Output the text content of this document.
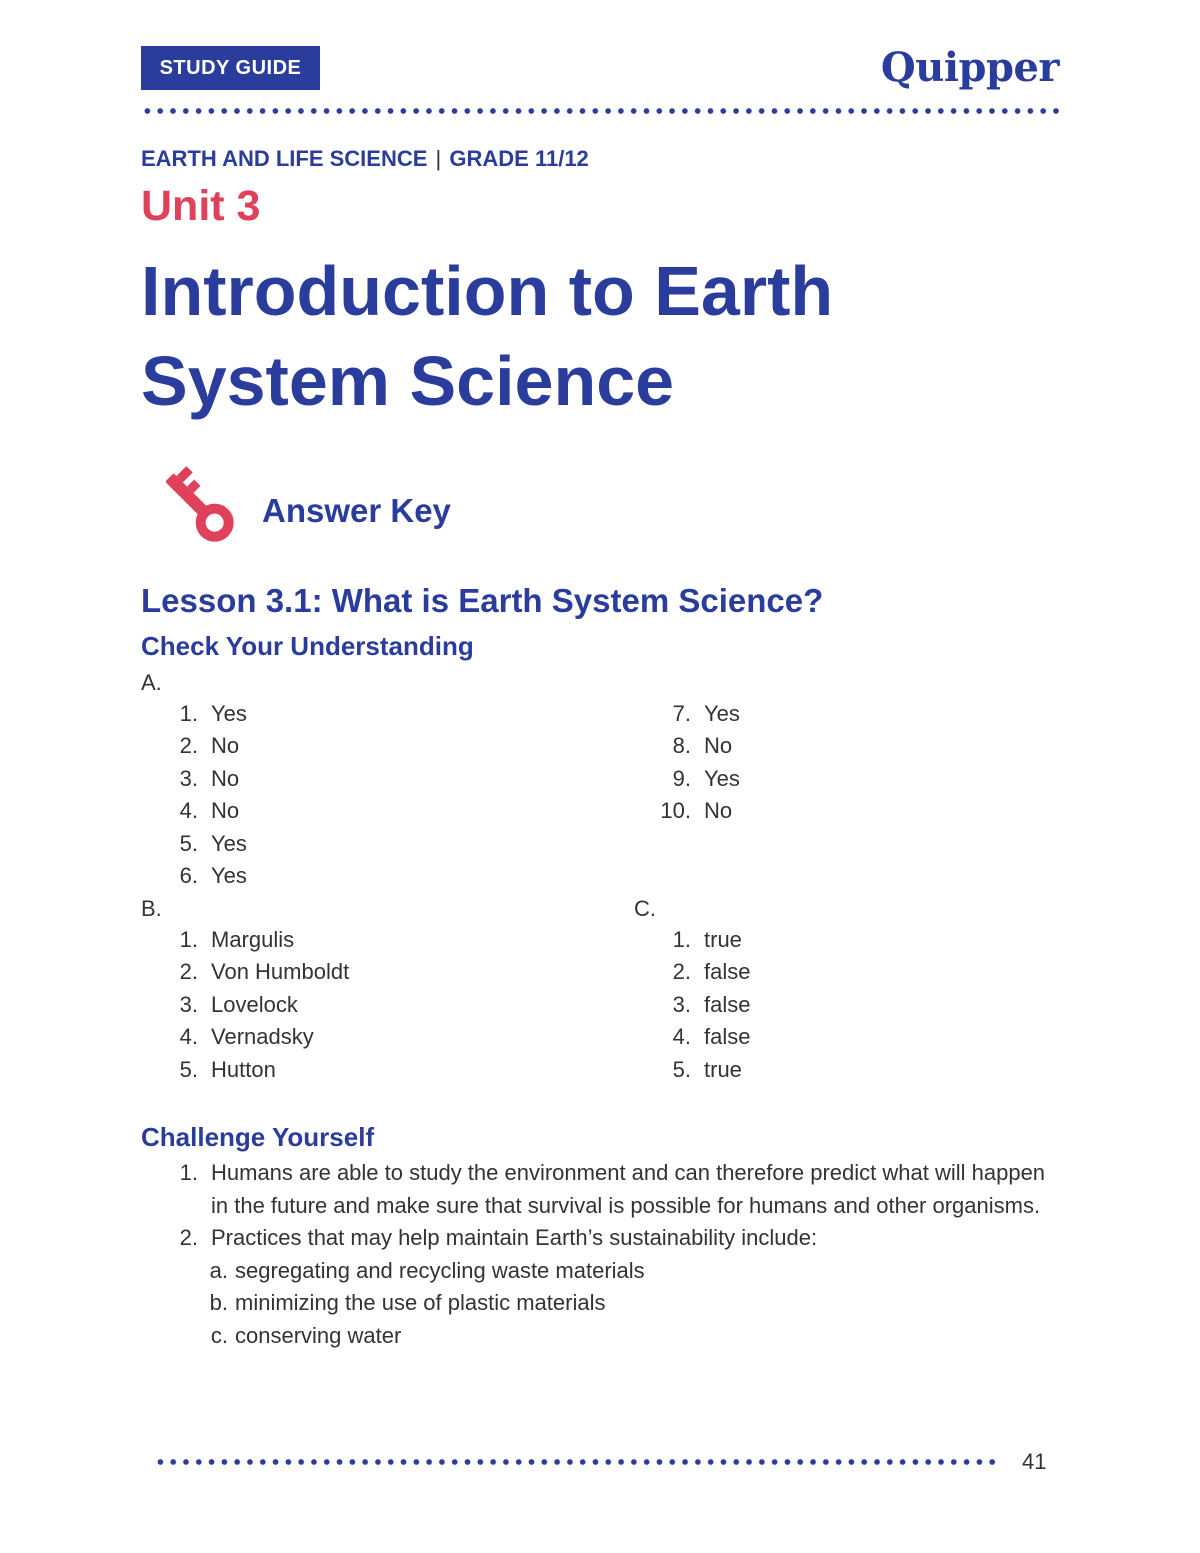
STUDY GUIDE	Quipper
EARTH AND LIFE SCIENCE | GRADE 11/12
Unit 3
Introduction to Earth
System Science
Answer Key
Lesson 3.1: What is Earth System Science?
Check Your Understanding
A.
1. Yes
2. No
3. No
4. No
5. Yes
6. Yes
7. Yes
8. No
9. Yes
10. No
B.
1. Margulis
2. Von Humboldt
3. Lovelock
4. Vernadsky
5. Hutton
C.
1. true
2. false
3. false
4. false
5. true
Challenge Yourself
1. Humans are able to study the environment and can therefore predict what will happen in the future and make sure that survival is possible for humans and other organisms.
2. Practices that may help maintain Earth’s sustainability include:
a. segregating and recycling waste materials
b. minimizing the use of plastic materials
c. conserving water
41
